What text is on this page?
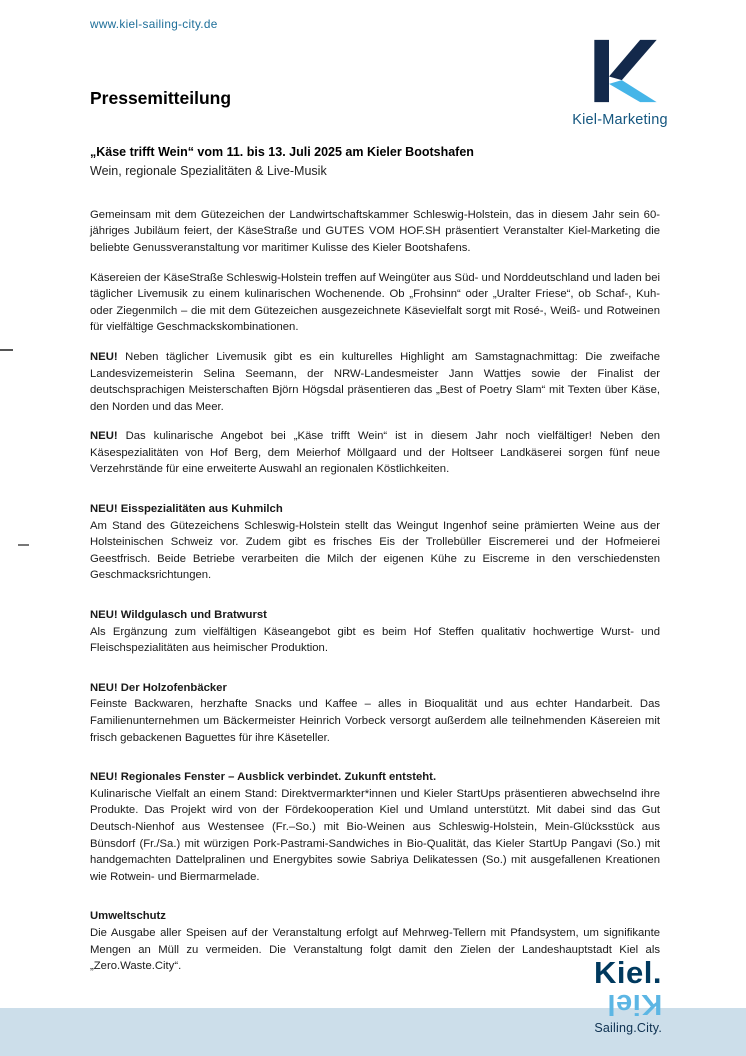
Kiel-Marketing
Pressemitteilung
„Käse trifft Wein“ vom 11. bis 13. Juli 2025 am Kieler Bootshafen
Wein, regionale Spezialitäten & Live-Musik

Gemeinsam mit dem Gütezeichen der Landwirtschaftskammer Schleswig-Holstein, das in diesem Jahr sein 60-jähriges Jubiläum feiert, der KäseStraße und GUTES VOM HOF.SH präsentiert Veranstalter Kiel-Marketing die beliebte Genussveranstaltung vor maritimer Kulisse des Kieler Bootshafens.

Käsereien der KäseStraße Schleswig-Holstein treffen auf Weingüter aus Süd- und Norddeutschland und laden bei täglicher Livemusik zu einem kulinarischen Wochenende. Ob „Frohsinn“ oder „Uralter Friese“, ob Schaf-, Kuh- oder Ziegenmilch – die mit dem Gütezeichen ausgezeichnete Käsevielfalt sorgt mit Rosé-, Weiß- und Rotweinen für vielfältige Geschmackskombinationen.

NEU! Neben täglicher Livemusik gibt es ein kulturelles Highlight am Samstagnachmittag: Die zweifache Landesvizemeisterin Selina Seemann, der NRW-Landesmeister Jann Wattjes sowie der Finalist der deutschsprachigen Meisterschaften Björn Högsdal präsentieren das „Best of Poetry Slam“ mit Texten über Käse, den Norden und das Meer.

NEU! Das kulinarische Angebot bei „Käse trifft Wein“ ist in diesem Jahr noch vielfältiger! Neben den Käsespezialitäten von Hof Berg, dem Meierhof Möllgaard und der Holtseer Landkäserei sorgen fünf neue Verzehrstände für eine erweiterte Auswahl an regionalen Köstlichkeiten.

NEU! Eisspezialitäten aus Kuhmilch

Am Stand des Gütezeichens Schleswig-Holstein stellt das Weingut Ingenhof seine prämierten Weine aus der Holsteinischen Schweiz vor. Zudem gibt es frisches Eis der Trollebüller Eiscremerei und der Hofmeierei Geestfrisch. Beide Betriebe verarbeiten die Milch der eigenen Kühe zu Eiscreme in den verschiedensten Geschmacksrichtungen.

NEU! Wildgulasch und Bratwurst

Als Ergänzung zum vielfältigen Käseangebot gibt es beim Hof Steffen qualitativ hochwertige Wurst- und Fleischspezialitäten aus heimischer Produktion.

NEU! Der Holzofenbäcker

Feinste Backwaren, herzhafte Snacks und Kaffee – alles in Bioqualität und aus echter Handarbeit. Das Familienunternehmen um Bäckermeister Heinrich Vorbeck versorgt außerdem alle teilnehmenden Käsereien mit frisch gebackenen Baguettes für ihre Käseteller.

NEU! Regionales Fenster – Ausblick verbindet. Zukunft entsteht.

Kulinarische Vielfalt an einem Stand: Direktvermarkter*innen und Kieler StartUps präsentieren abwechselnd ihre Produkte. Das Projekt wird von der Fördekooperation Kiel und Umland unterstützt. Mit dabei sind das Gut Deutsch-Nienhof aus Westensee (Fr.–So.) mit Bio-Weinen aus Schleswig-Holstein, Mein-Glücksstück aus Bünsdorf (Fr./Sa.) mit würzigen Pork-Pastrami-Sandwiches in Bio-Qualität, das Kieler StartUp Pangavi (So.) mit handgemachten Dattelpralinen und Energybites sowie Sabriya Delikatessen (So.) mit ausgefallenen Kreationen wie Rotwein- und Biermarmelade.

Umweltschutz

Die Ausgabe aller Speisen auf der Veranstaltung erfolgt auf Mehrweg-Tellern mit Pfandsystem, um signifikante Mengen an Müll zu vermeiden. Die Veranstaltung folgt damit den Zielen der Landeshauptstadt Kiel als „Zero.Waste.City“.

www.kiel-sailing-city.de
Kiel.
Kiel
Sailing.City.
